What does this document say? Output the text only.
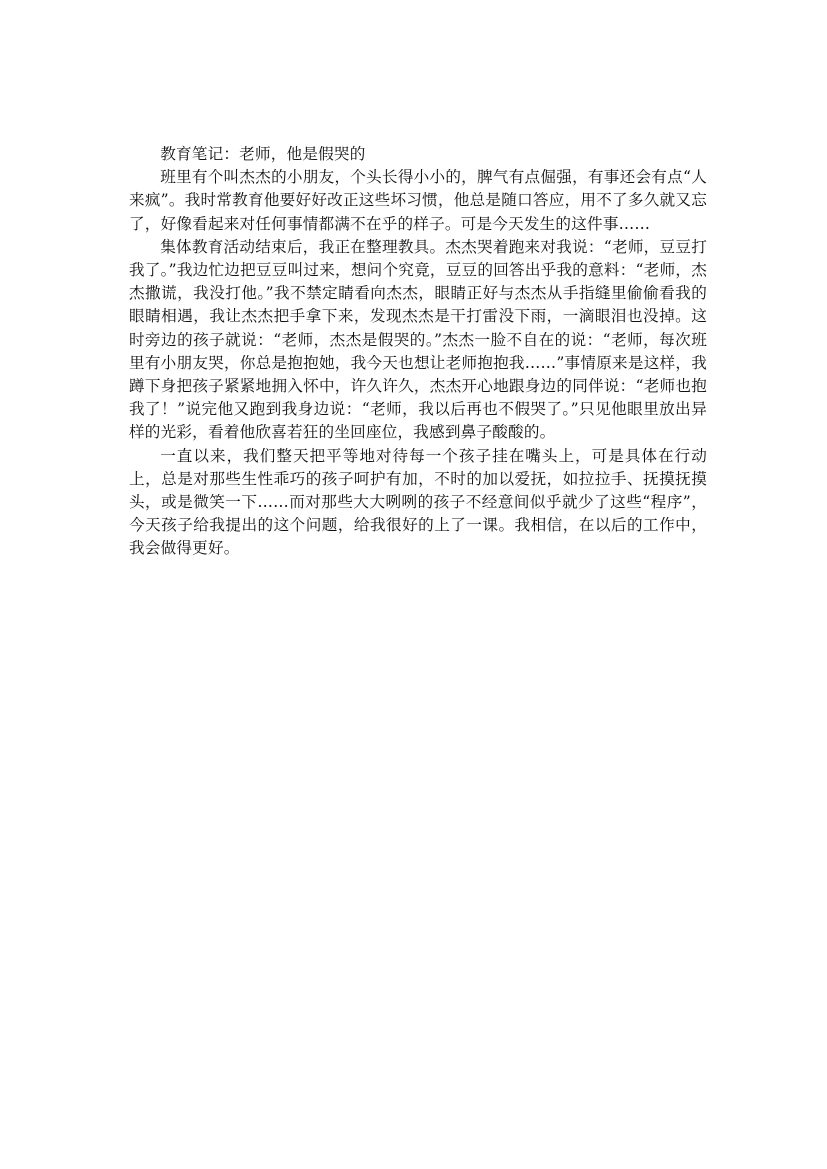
教育笔记：老师，他是假哭的

班里有个叫杰杰的小朋友，个头长得小小的，脾气有点倔强，有事还会有点“人来疯”。我时常教育他要好好改正这些坏习惯，他总是随口答应，用不了多久就又忘了，好像看起来对任何事情都满不在乎的样子。可是今天发生的这件事……

集体教育活动结束后，我正在整理教具。杰杰哭着跑来对我说：“老师，豆豆打我了。”我边忙边把豆豆叫过来，想问个究竟，豆豆的回答出乎我的意料：“老师，杰杰撒谎，我没打他。”我不禁定睛看向杰杰，眼睛正好与杰杰从手指缝里偷偷看我的眼睛相遇，我让杰杰把手拿下来，发现杰杰是干打雷没下雨，一滴眼泪也没掉。这时旁边的孩子就说：“老师，杰杰是假哭的。”杰杰一脸不自在的说：“老师，每次班里有小朋友哭，你总是抱抱她，我今天也想让老师抱抱我……”事情原来是这样，我蹲下身把孩子紧紧地拥入怀中，许久许久，杰杰开心地跟身边的同伴说：“老师也抱我了！”说完他又跑到我身边说：“老师，我以后再也不假哭了。”只见他眼里放出异样的光彩，看着他欣喜若狂的坐回座位，我感到鼻子酸酸的。

一直以来，我们整天把平等地对待每一个孩子挂在嘴头上，可是具体在行动上，总是对那些生性乖巧的孩子呵护有加，不时的加以爱抚，如拉拉手、抚摸抚摸头，或是微笑一下……而对那些大大咧咧的孩子不经意间似乎就少了这些“程序”，今天孩子给我提出的这个问题，给我很好的上了一课。我相信，在以后的工作中，我会做得更好。
